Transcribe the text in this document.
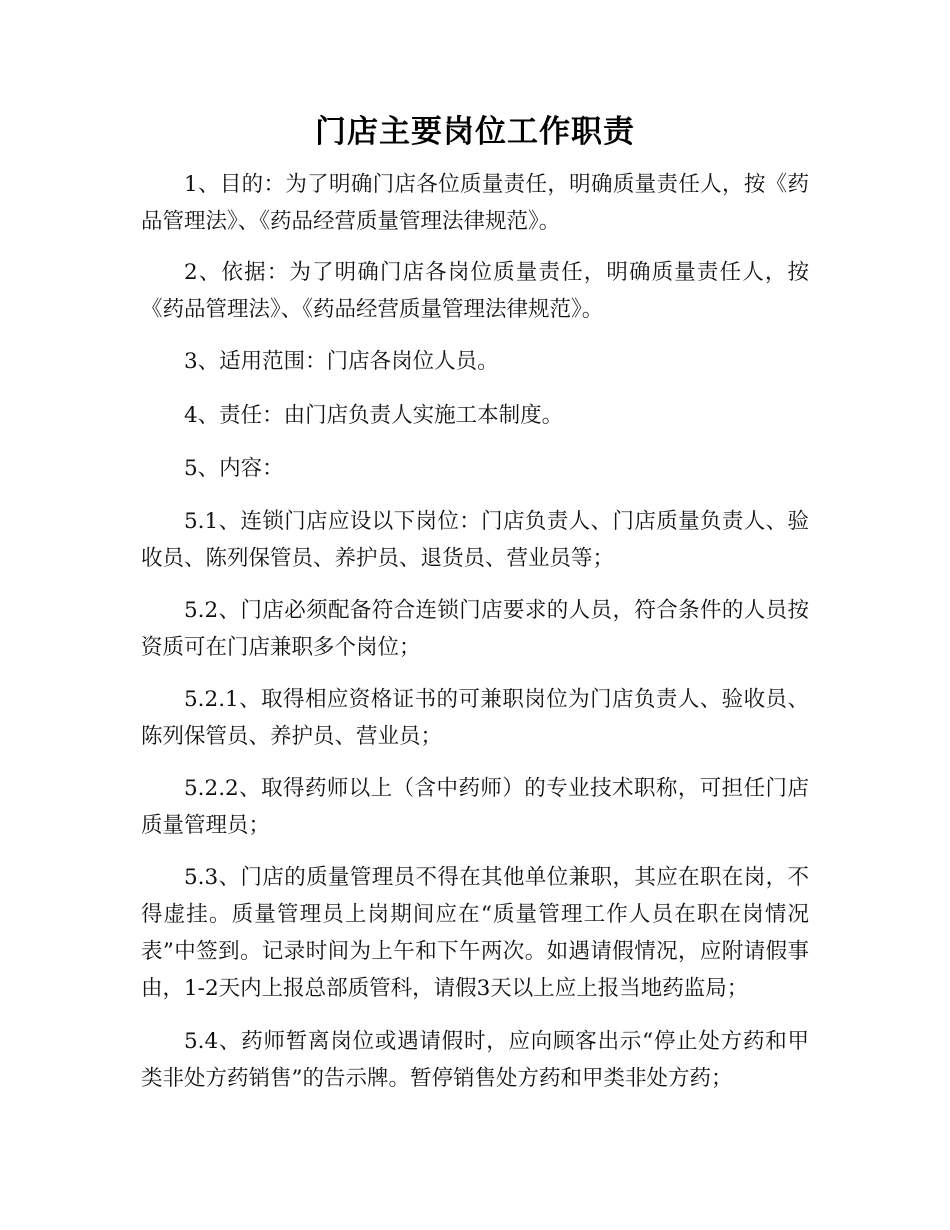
门店主要岗位工作职责

1、目的：为了明确门店各位质量责任，明确质量责任人，按《药品管理法》、《药品经营质量管理法律规范》。

2、依据：为了明确门店各岗位质量责任，明确质量责任人，按《药品管理法》、《药品经营质量管理法律规范》。

3、适用范围：门店各岗位人员。

4、责任：由门店负责人实施工本制度。

5、内容：

5.1、连锁门店应设以下岗位：门店负责人、门店质量负责人、验收员、陈列保管员、养护员、退货员、营业员等；

5.2、门店必须配备符合连锁门店要求的人员，符合条件的人员按资质可在门店兼职多个岗位；

5.2.1、取得相应资格证书的可兼职岗位为门店负责人、验收员、陈列保管员、养护员、营业员；

5.2.2、取得药师以上（含中药师）的专业技术职称，可担任门店质量管理员；

5.3、门店的质量管理员不得在其他单位兼职，其应在职在岗，不得虚挂。质量管理员上岗期间应在“质量管理工作人员在职在岗情况表”中签到。记录时间为上午和下午两次。如遇请假情况，应附请假事由，1-2天内上报总部质管科，请假3天以上应上报当地药监局；

5.4、药师暂离岗位或遇请假时，应向顾客出示“停止处方药和甲类非处方药销售”的告示牌。暂停销售处方药和甲类非处方药；
